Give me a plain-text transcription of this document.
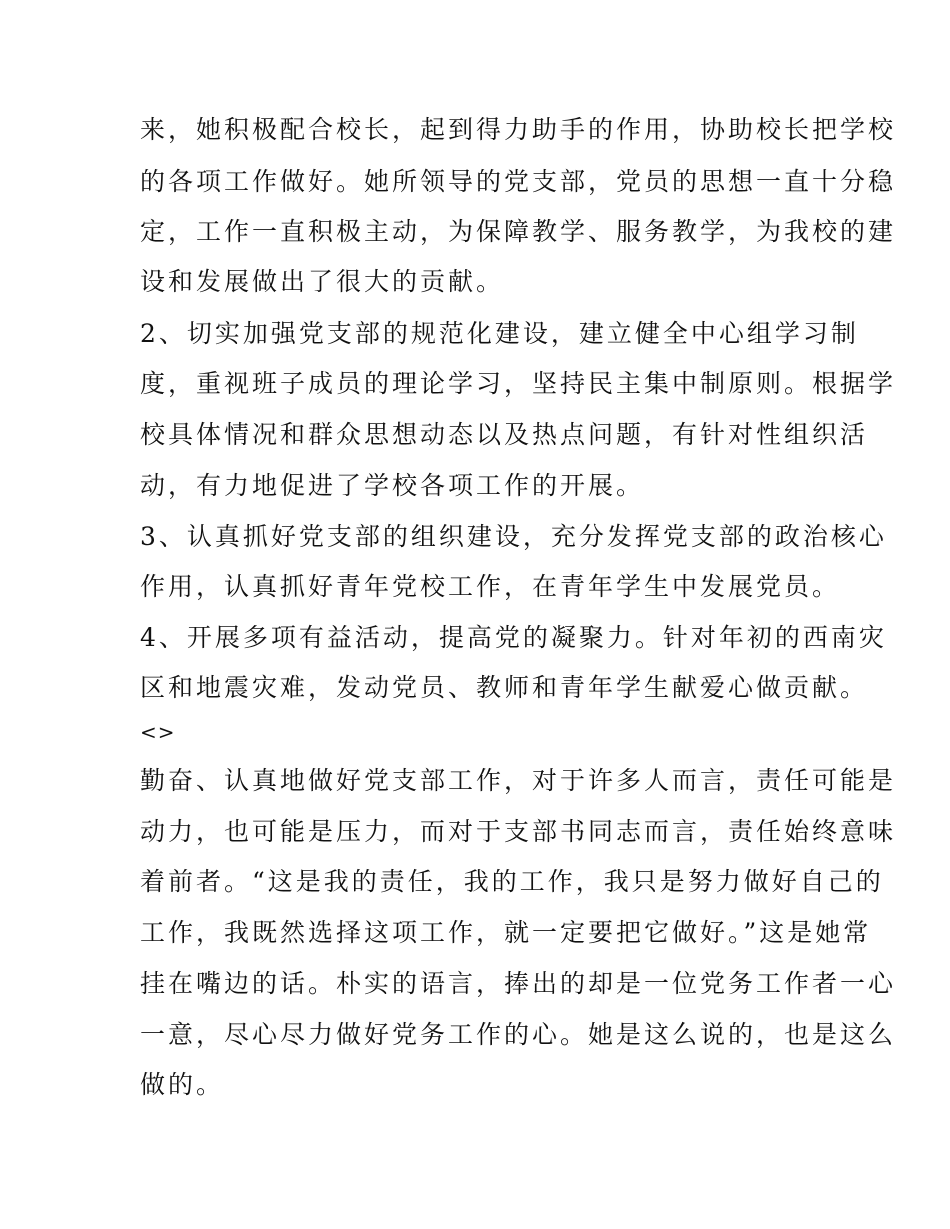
来，她积极配合校长，起到得力助手的作用，协助校长把学校
的各项工作做好。她所领导的党支部，党员的思想一直十分稳
定，工作一直积极主动，为保障教学、服务教学，为我校的建
设和发展做出了很大的贡献。
2、切实加强党支部的规范化建设，建立健全中心组学习制
度，重视班子成员的理论学习，坚持民主集中制原则。根据学
校具体情况和群众思想动态以及热点问题，有针对性组织活
动，有力地促进了学校各项工作的开展。
3、认真抓好党支部的组织建设，充分发挥党支部的政治核心
作用，认真抓好青年党校工作，在青年学生中发展党员。
4、开展多项有益活动，提高党的凝聚力。针对年初的西南灾
区和地震灾难，发动党员、教师和青年学生献爱心做贡献。
<>
勤奋、认真地做好党支部工作，对于许多人而言，责任可能是
动力，也可能是压力，而对于支部书同志而言，责任始终意味
着前者。“这是我的责任，我的工作，我只是努力做好自己的
工作，我既然选择这项工作，就一定要把它做好。”这是她常
挂在嘴边的话。朴实的语言，捧出的却是一位党务工作者一心
一意，尽心尽力做好党务工作的心。她是这么说的，也是这么
做的。
